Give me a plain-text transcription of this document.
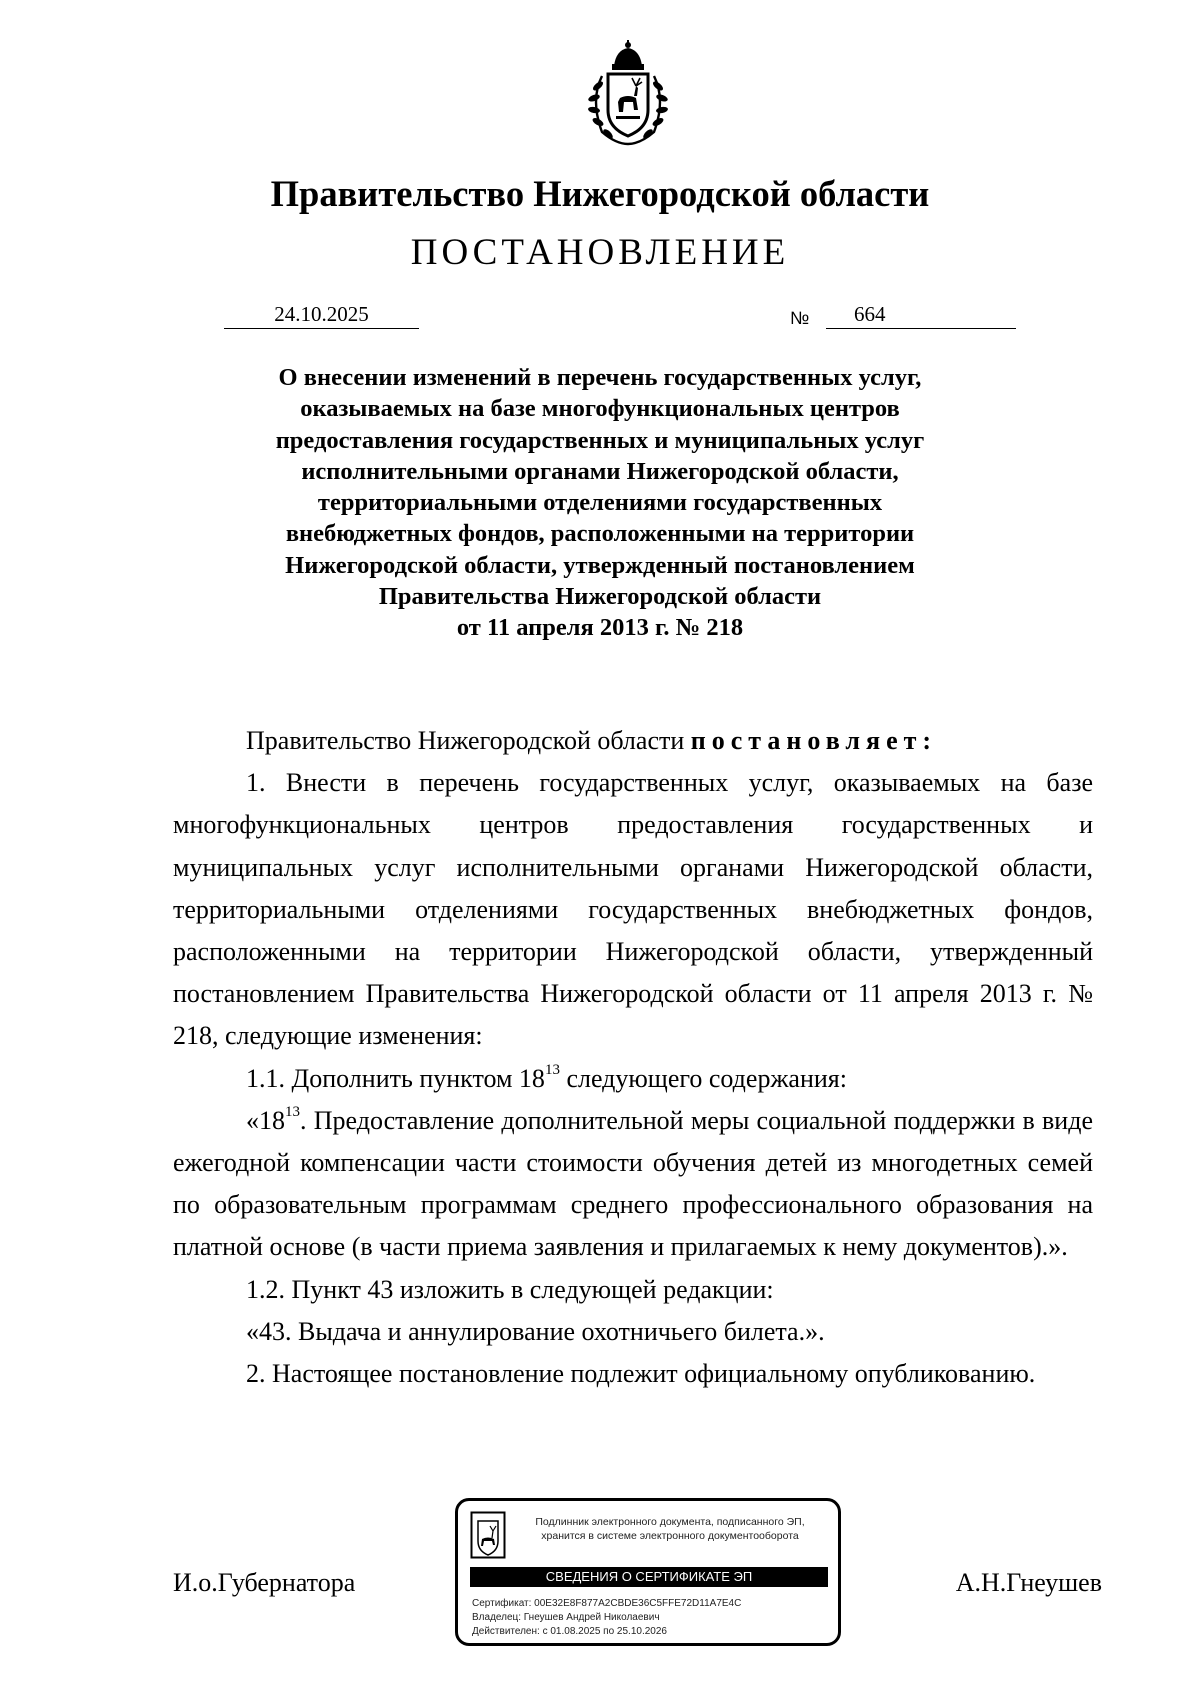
Правительство Нижегородской области
ПОСТАНОВЛЕНИЕ
24.10.2025	№	664
О внесении изменений в перечень государственных услуг,
оказываемых на базе многофункциональных центров
предоставления государственных и муниципальных услуг
исполнительными органами Нижегородской области,
территориальными отделениями государственных
внебюджетных фондов, расположенными на территории
Нижегородской области, утвержденный постановлением
Правительства Нижегородской области
от 11 апреля 2013 г. № 218

Правительство Нижегородской области постановляет:

1. Внести в перечень государственных услуг, оказываемых на базе многофункциональных центров предоставления государственных и муниципальных услуг исполнительными органами Нижегородской области, территориальными отделениями государственных внебюджетных фондов, расположенными на территории Нижегородской области, утвержденный постановлением Правительства Нижегородской области от 11 апреля 2013 г. № 218, следующие изменения:

1.1. Дополнить пунктом $18^{13}$ следующего содержания:

«$18^{13}$. Предоставление дополнительной меры социальной поддержки в виде ежегодной компенсации части стоимости обучения детей из многодетных семей по образовательным программам среднего профессионального образования на платной основе (в части приема заявления и прилагаемых к нему документов).».

1.2. Пункт 43 изложить в следующей редакции:

«43. Выдача и аннулирование охотничьего билета.».

2. Настоящее постановление подлежит официальному опубликованию.

И.о.Губернатора	А.Н.Гнеушев
Подлинник электронного документа, подписанного ЭП,
хранится в системе электронного документооборота
СВЕДЕНИЯ О СЕРТИФИКАТЕ ЭП
Сертификат: 00E32E8F877A2CBDE36C5FFE72D11A7E4C
Владелец: Гнеушев Андрей Николаевич
Действителен: с 01.08.2025 по 25.10.2026
